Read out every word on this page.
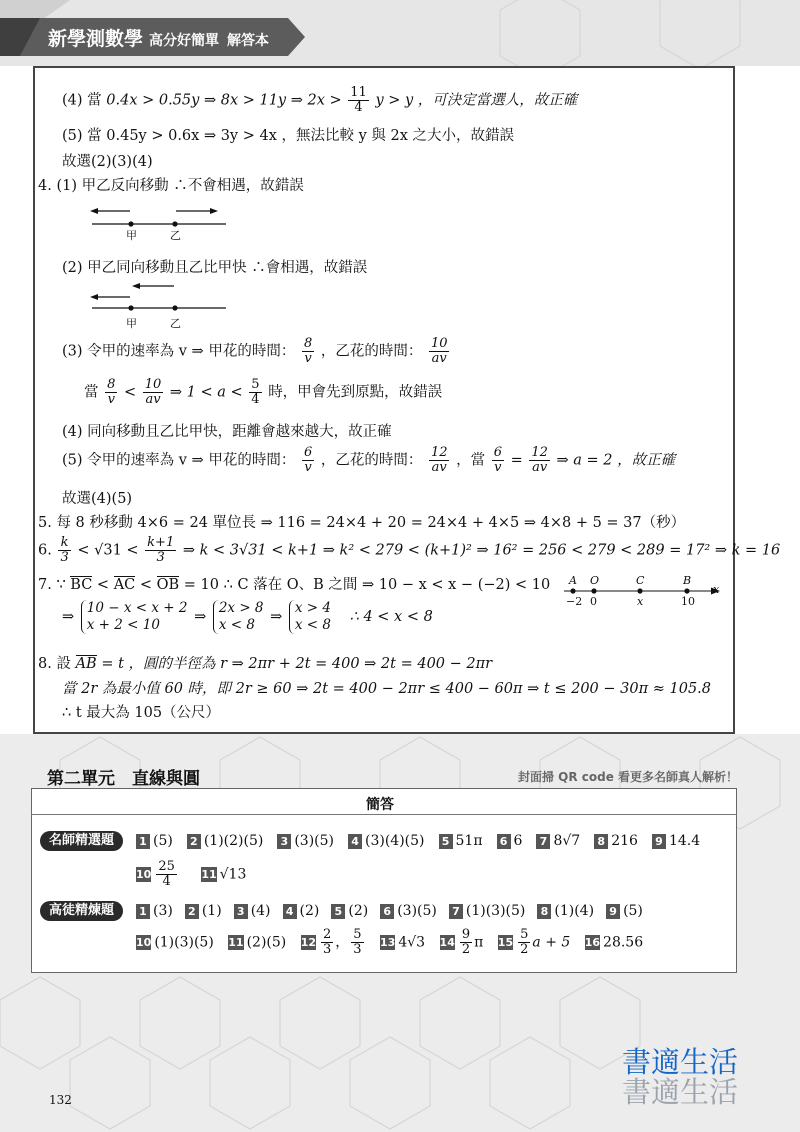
新學測數學 高分好簡單 解答本
(4) 當 0.4x > 0.55y ⇒ 8x > 11y ⇒ $2x > \frac{11}{4}$ y > y ，可決定當選人，故正確
(5) 當 0.45y > 0.6x ⇒ 3y > 4x ，無法比較 y 與 2x 之大小，故錯誤
故選(2)(3)(4)
4. (1) 甲乙反向移動 ∴不會相遇，故錯誤
甲	乙
(2) 甲乙同向移動且乙比甲快 ∴會相遇，故錯誤
甲	乙
(3) 令甲的速率為 v ⇒ 甲花的時間： $\frac{8}{v}$ ，乙花的時間： $\frac{10}{av}$
當 $\frac{8}{v} < \frac{10}{av}$ ⇒ $1 < a < \frac{5}{4}$ 時，甲會先到原點，故錯誤
(4) 同向移動且乙比甲快，距離會越來越大，故正確
(5) 令甲的速率為 v ⇒ 甲花的時間： $\frac{6}{v}$ ，乙花的時間： $\frac{12}{av}$ ，當 $\frac{6}{v} = \frac{12}{av}$ ⇒ a = 2 ，故正確
故選(4)(5)
5. 每 8 秒移動 4×6 = 24 單位長 ⇒ 116 = 24×4 + 20 = 24×4 + 4×5 ⇒ 4×8 + 5 = 37（秒）
6. $\frac{k}{3} < √31 < \frac{k+1}{3}$ ⇒ k < 3√31 < k+1 ⇒ k² < 279 < (k+1)² ⇒ 16² = 256 < 279 < 289 = 17² ⇒ k = 16
7. ∵ BC < AC < OB = 10 ∴ C 落在 O、B 之間 ⇒ 10 − x < x − (−2) < 10 A O	C	B
x
−2 0	x	10
⇒
10 − x < x + 2
x + 2 < 10	⇒
2x > 8
x < 8	⇒
x > 4
x < 8 ∴ 4 < x < 8
8. 設 AB = t ，圓的半徑為 r ⇒ 2πr + 2t = 400 ⇒ 2t = 400 − 2πr
當 2r 為最小值 60 時，即 2r ≥ 60 ⇒ 2t = 400 − 2πr ≤ 400 − 60π ⇒ t ≤ 200 − 30π ≈ 105.8
∴ t 最大為 105（公尺）
第二單元　直線與圓	封面掃 QR code 看更多名師真人解析！
簡答
名師精選題	1 (5) 2 (1)(2)(5) 3 (3)(5) 4 (3)(4)(5) 5 51π 6 6 7 8√7 8 216 9 14.4
$10 \frac{25}{4} 11$ √13
高徒精煉題	1 (3) 2 (1) 3 (4) 4 (2) 5 (2) 6 (3)(5) 7 (1)(3)(5) 8 (1)(4) 9 (5)
10 (1)(3)(5) 11 (2)(5) $12 \frac{2}{3}$ ， $\frac{5}{3} 13$ 4√3 $14 \frac{9}{2}$ π $15 \frac{5}{2}$ a + 5 16 28.56
132
書適生活
書適生活
